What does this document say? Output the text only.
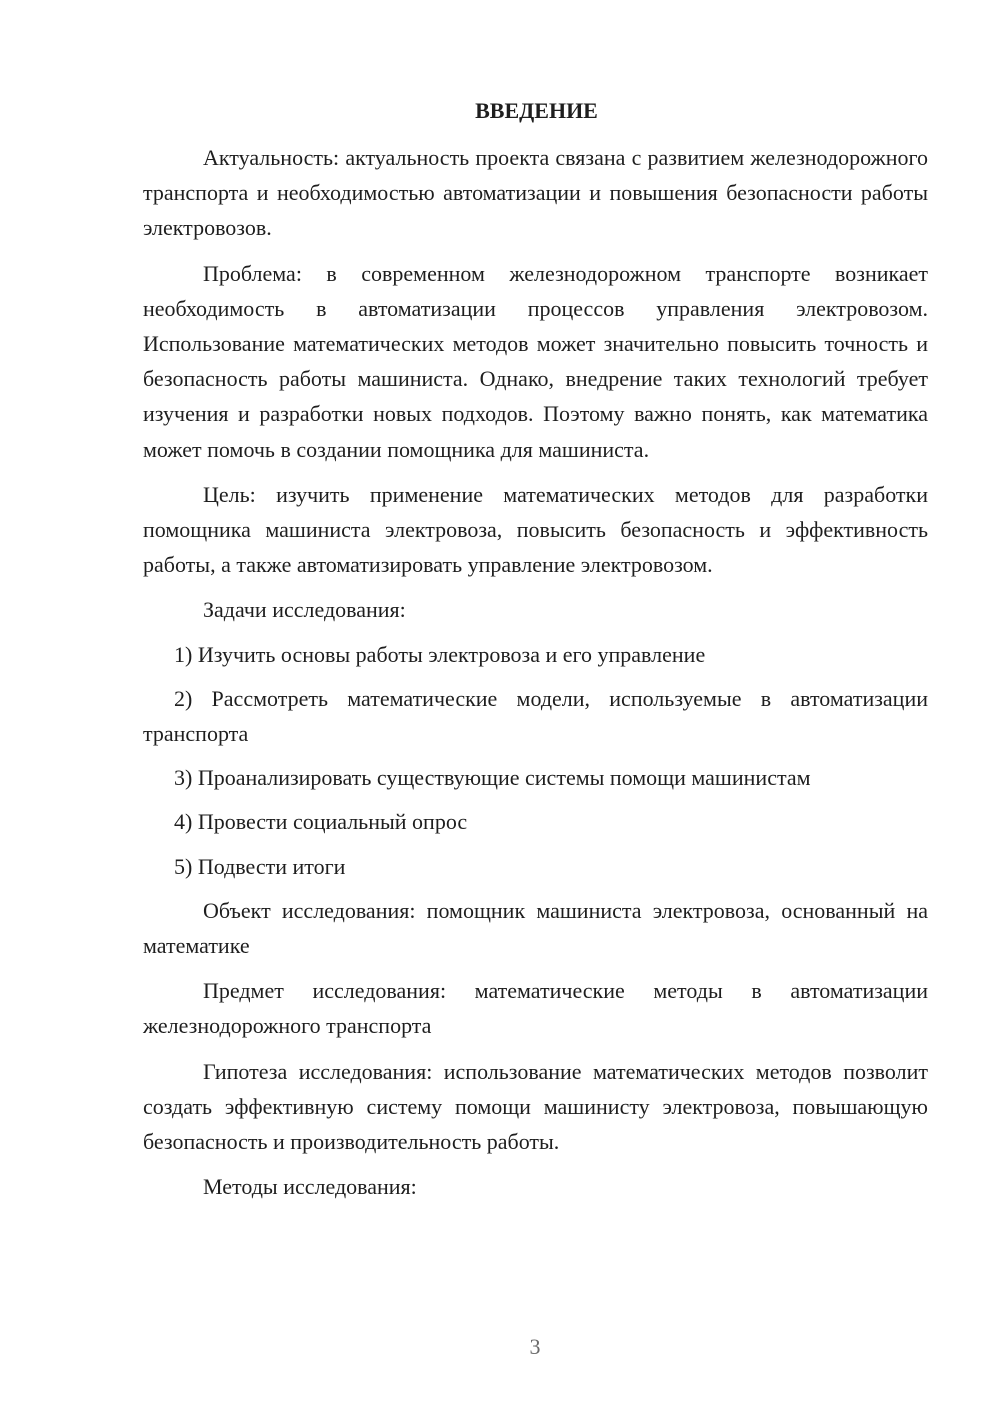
ВВЕДЕНИЕ

Актуальность: актуальность проекта связана с развитием железнодорожного транспорта и необходимостью автоматизации и повышения безопасности работы электровозов.

Проблема: в современном железнодорожном транспорте возникает необходимость в автоматизации процессов управления электровозом. Использование математических методов может значительно повысить точность и безопасность работы машиниста. Однако, внедрение таких технологий требует изучения и разработки новых подходов. Поэтому важно понять, как математика может помочь в создании помощника для машиниста.

Цель: изучить применение математических методов для разработки помощника машиниста электровоза, повысить безопасность и эффективность работы, а также автоматизировать управление электровозом.

Задачи исследования:

1) Изучить основы работы электровоза и его управление

2) Рассмотреть математические модели, используемые в автоматизации транспорта

3) Проанализировать существующие системы помощи машинистам

4) Провести социальный опрос

5) Подвести итоги

Объект исследования: помощник машиниста электровоза, основанный на математике

Предмет исследования: математические методы в автоматизации железнодорожного транспорта

Гипотеза исследования: использование математических методов позволит создать эффективную систему помощи машинисту электровоза, повышающую безопасность и производительность работы.

Методы исследования:

3
